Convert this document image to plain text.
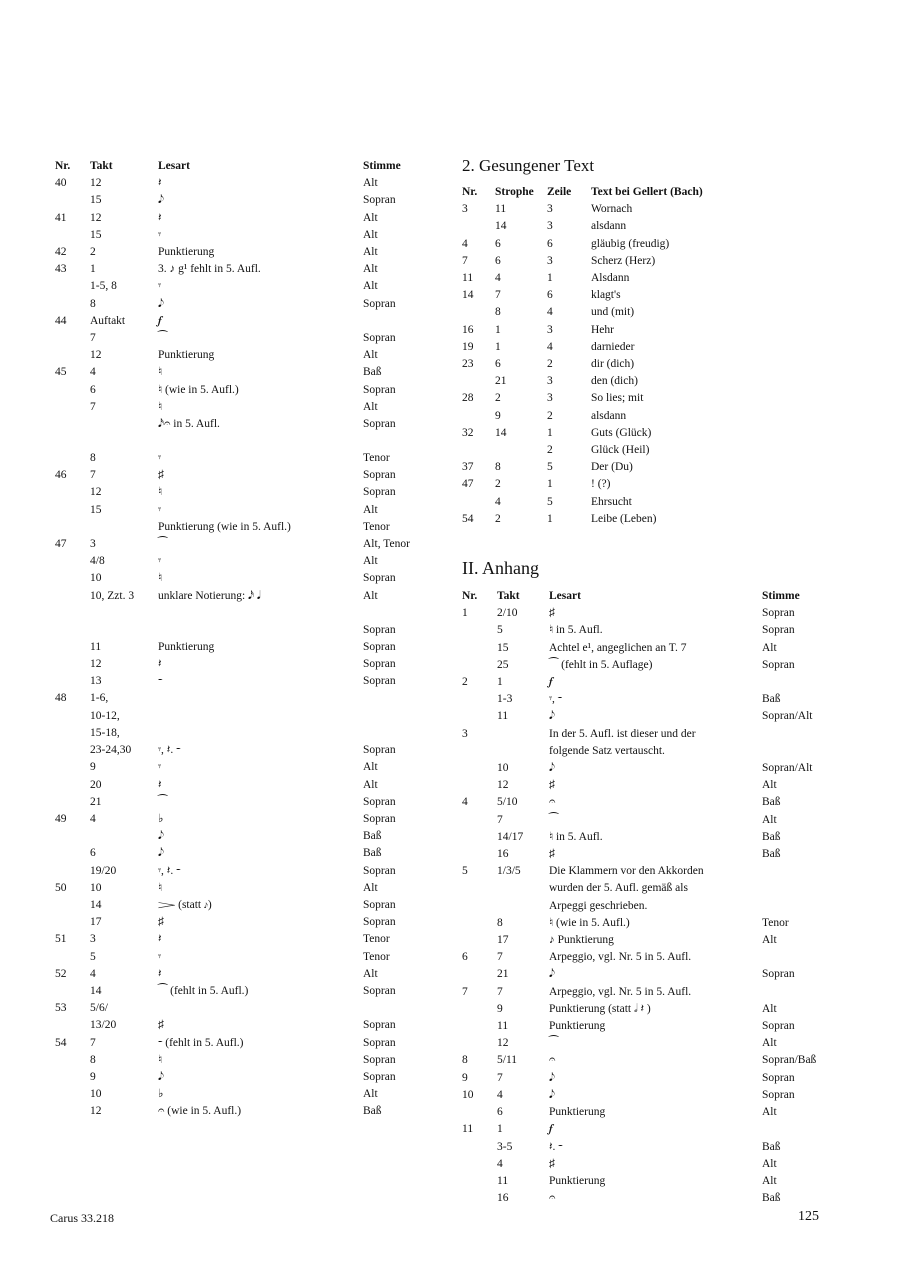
Nr.	Takt	Lesart	Stimme
40	12	𝄽	Alt
	15	𝅘𝅥𝅮	Sopran
41	12	𝄽	Alt
	15	𝄾	Alt
42	2	Punktierung	Alt
43	1	3. ♪ g¹ fehlt in 5. Aufl.	Alt
	1-5, 8	𝄾	Alt
	8	𝅘𝅥𝅮	Sopran
44	Auftakt	𝆑	
	7	⁀	Sopran
	12	Punktierung	Alt
45	4	♮	Baß
	6	♮ (wie in 5. Aufl.)	Sopran
	7	♮	Alt
		𝅘𝅥𝅯𝄐 in 5. Aufl.	Sopran
	8	𝄾	Tenor
46	7	♯	Sopran
	12	♮	Sopran
	15	𝄾	Alt
		Punktierung (wie in 5. Aufl.)	Tenor
47	3	⁀	Alt, Tenor
	4/8	𝄾	Alt
	10	♮	Sopran
	10, Zzt. 3	unklare Notierung: 𝅘𝅥𝅯 𝅘𝅥	Alt
			Sopran
	11	Punktierung	Sopran
	12	𝄽	Sopran
	13	𝄼	Sopran
48	1-6,		
	10-12,		
	15-18,		
	23-24,30	𝄾, 𝄽. 𝄼	Sopran
	9	𝄾	Alt
	20	𝄽	Alt
	21	⁀	Sopran
49	4	♭	Sopran
		𝅘𝅥𝅮	Baß
	6	𝅘𝅥𝅮	Baß
	19/20	𝄾, 𝄽. 𝄼	Sopran
50	10	♮	Alt
	14	𝆓 (statt 𝆔)	Sopran
	17	♯	Sopran
51	3	𝄽	Tenor
	5	𝄾	Tenor
52	4	𝄽	Alt
	14	⁀ (fehlt in 5. Aufl.)	Sopran
53	5/6/		
	13/20	♯	Sopran
54	7	𝄼 (fehlt in 5. Aufl.)	Sopran
	8	♮	Sopran
	9	𝅘𝅥𝅮	Sopran
	10	♭	Alt
	12	𝄐 (wie in 5. Aufl.)	Baß
2. Gesungener Text
Nr.	Strophe	Zeile	Text bei Gellert (Bach)
3	11	3	Wornach
	14	3	alsdann
4	6	6	gläubig (freudig)
7	6	3	Scherz (Herz)
11	4	1	Alsdann
14	7	6	klagt's
	8	4	und (mit)
16	1	3	Hehr
19	1	4	darnieder
23	6	2	dir (dich)
	21	3	den (dich)
28	2	3	So lies; mit
	9	2	alsdann
32	14	1	Guts (Glück)
		2	Glück (Heil)
37	8	5	Der (Du)
47	2	1	! (?)
	4	5	Ehrsucht
54	2	1	Leibe (Leben)
II. Anhang
Nr.	Takt	Lesart	Stimme
1	2/10	♯	Sopran
	5	♮ in 5. Aufl.	Sopran
	15	Achtel e¹, angeglichen an T. 7	Alt
	25	⁀ (fehlt in 5. Auflage)	Sopran
2	1	𝆑	
	1-3	𝄾, 𝄼	Baß
	11	𝅘𝅥𝅮	Sopran/Alt
3		In der 5. Aufl. ist dieser und der	
		folgende Satz vertauscht.	
	10	𝅘𝅥𝅮	Sopran/Alt
	12	♯	Alt
4	5/10	𝄐	Baß
	7	⁀	Alt
	14/17	♮ in 5. Aufl.	Baß
	16	♯	Baß
5	1/3/5	Die Klammern vor den Akkorden	
		wurden der 5. Aufl. gemäß als	
		Arpeggi geschrieben.	
	8	♮ (wie in 5. Aufl.)	Tenor
	17	♪ Punktierung	Alt
6	7	Arpeggio, vgl. Nr. 5 in 5. Aufl.	
	21	𝅘𝅥𝅮	Sopran
7	7	Arpeggio, vgl. Nr. 5 in 5. Aufl.	
	9	Punktierung (statt 𝅗𝅥 𝄽 )	Alt
	11	Punktierung	Sopran
	12	⁀	Alt
8	5/11	𝄐	Sopran/Baß
9	7	𝅘𝅥𝅮	Sopran
10	4	𝅘𝅥𝅮	Sopran
	6	Punktierung	Alt
11	1	𝆑	
	3-5	𝄽. 𝄼	Baß
	4	♯	Alt
	11	Punktierung	Alt
	16	𝄐	Baß
Carus 33.218	125
